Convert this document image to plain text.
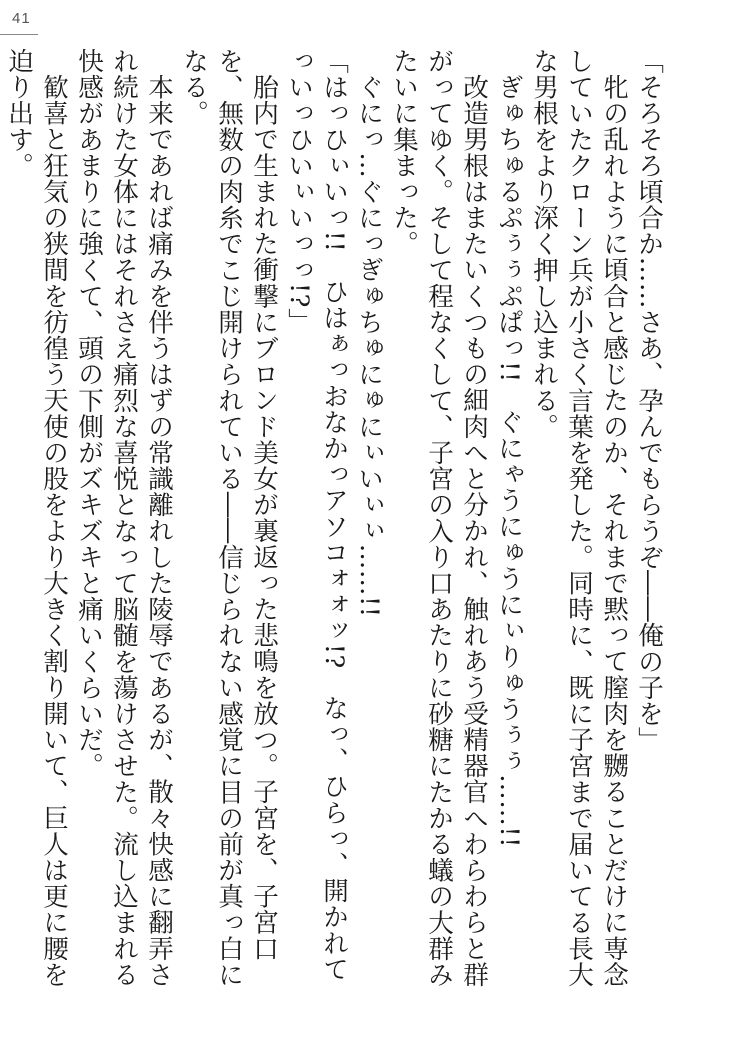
41

「そろそろ頃合か……さあ、孕んでもらうぞ――俺の子を」

牝の乱れように頃合と感じたのか、それまで黙って膣肉を嬲ることだけに専念していたクローン兵が小さく言葉を発した。同時に、既に子宮まで届いてる長大な男根をより深く押し込まれる。

ぎゅちゅるぷぅぅぷぱっ!!　ぐにゃうにゅうにぃりゅうぅぅ……!!

改造男根はまたいくつもの細肉へと分かれ、触れあう受精器官へわらわらと群がってゆく。そして程なくして、子宮の入り口あたりに砂糖にたかる蟻の大群みたいに集まった。

ぐにっ…ぐにっぎゅちゅにゅにぃいぃぃ……!!

「はっひぃいっ!!　ひはぁっおなかっアソコォォッ!?　なっ、ひらっ、開かれてっいっひいぃいっっ!?」

胎内で生まれた衝撃にブロンド美女が裏返った悲鳴を放つ。子宮を、子宮口を、無数の肉糸でこじ開けられている――信じられない感覚に目の前が真っ白になる。

本来であれば痛みを伴うはずの常識離れした陵辱であるが、散々快感に翻弄され続けた女体にはそれさえ痛烈な喜悦となって脳髄を蕩けさせた。流し込まれる快感があまりに強くて、頭の下側がズキズキと痛いくらいだ。

歓喜と狂気の狭間を彷徨う天使の股をより大きく割り開いて、巨人は更に腰を迫り出す。
